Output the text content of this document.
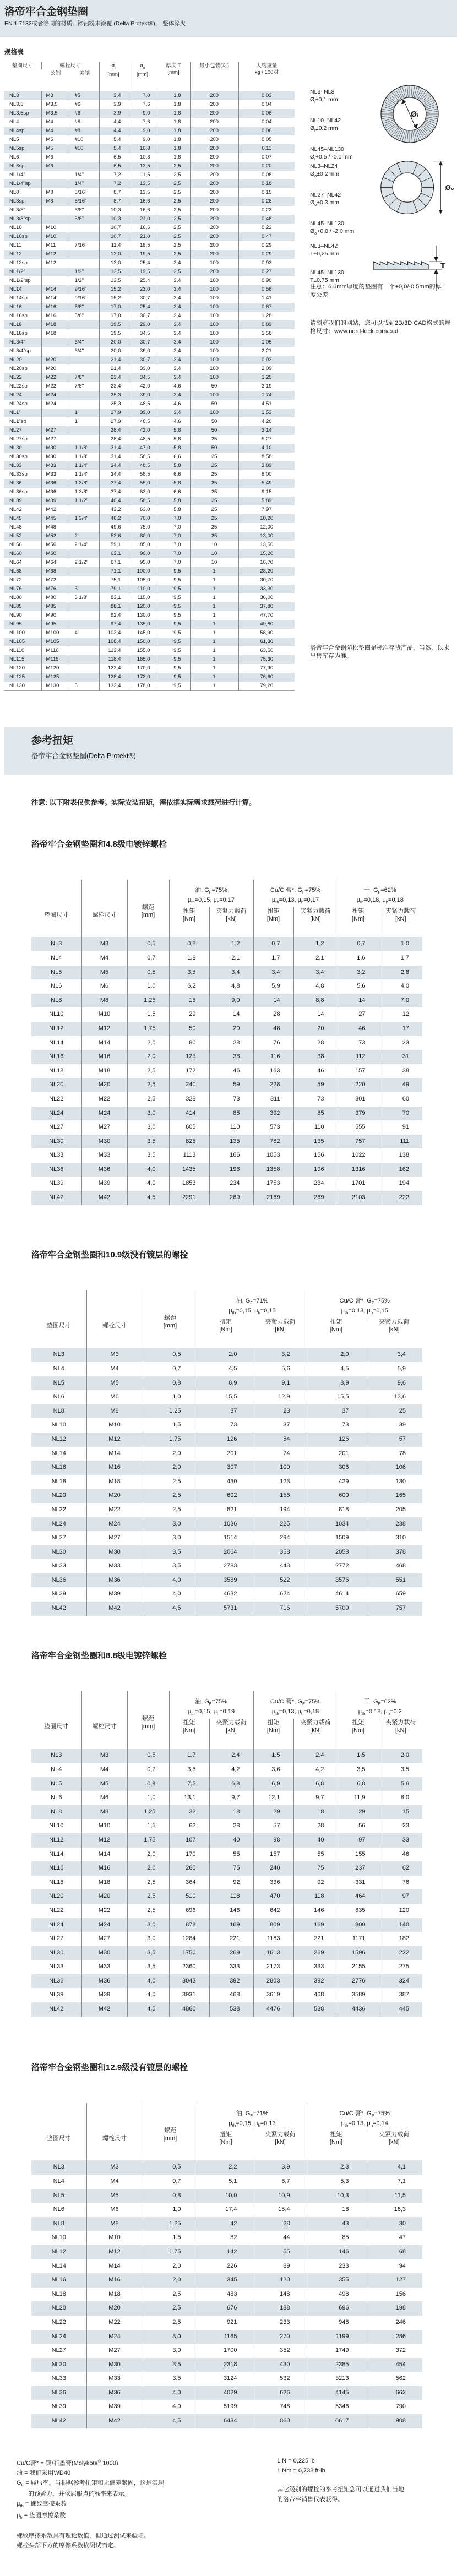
洛帝牢合金钢垫圈

EN 1.7182或者等同的材质 · 锌铝粉末涂覆 (Delta Protekt®)， 整体淬火

规格表
垫圈尺寸	螺栓尺寸		$ø_i$
[mm]	$ø_o$
[mm]	厚度 T
[mm]	最小包装(对)	大约重量
kg / 100对
	公制	美制					
NL3	M3	#5	3,4	7,0	1,8	200	0,03
NL3,5	M3,5	#6	3,9	7,6	1,8	200	0,04
NL3,5sp	M3,5	#6	3,9	9,0	1,8	200	0,06
NL4	M4	#8	4,4	7,6	1,8	200	0,04
NL4sp	M4	#8	4,4	9,0	1,8	200	0,06
NL5	M5	#10	5,4	9,0	1,8	200	0,05
NL5sp	M5	#10	5,4	10,8	1,8	200	0,11
NL6	M6		6,5	10,8	1,8	200	0,07
NL6sp	M6		6,5	13,5	2,5	200	0,20
NL1/4"		1/4"	7,2	11,5	2,5	200	0,08
NL1/4"sp		1/4"	7,2	13,5	2,5	200	0,18
NL8	M8	5/16"	8,7	13,5	2,5	200	0,15
NL8sp	M8	5/16"	8,7	16,6	2,5	200	0,28
NL3/8"		3/8"	10,3	16,6	2,5	200	0,23
NL3/8"sp		3/8"	10,3	21,0	2,5	200	0,48
NL10	M10		10,7	16,6	2,5	200	0,22
NL10sp	M10		10,7	21,0	2,5	200	0,47
NL11	M11	7/16"	11,4	18,5	2,5	200	0,29
NL12	M12		13,0	19,5	2,5	200	0,29
NL12sp	M12		13,0	25,4	3,4	100	0,93
NL1/2"		1/2"	13,5	19,5	2,5	200	0,27
NL1/2"sp		1/2"	13,5	25,4	3,4	100	0,90
NL14	M14	9/16"	15,2	23,0	3,4	100	0,56
NL14sp	M14	9/16"	15,2	30,7	3,4	100	1,41
NL16	M16	5/8"	17,0	25,4	3,4	100	0,67
NL16sp	M16	5/8"	17,0	30,7	3,4	100	1,28
NL18	M18		19,5	29,0	3,4	100	0,89
NL18sp	M18		19,5	34,5	3,4	100	1,58
NL3/4"		3/4"	20,0	30,7	3,4	100	1,05
NL3/4"sp		3/4"	20,0	39,0	3,4	100	2,21
NL20	M20		21,4	30,7	3,4	100	0,93
NL20sp	M20		21,4	39,0	3,4	100	2,09
NL22	M22	7/8"	23,4	34,5	3,4	100	1,25
NL22sp	M22	7/8"	23,4	42,0	4,6	50	3,19
NL24	M24		25,3	39,0	3,4	100	1,74
NL24sp	M24		25,3	48,5	4,6	50	4,51
NL1"		1"	27,9	39,0	3,4	100	1,53
NL1"sp		1"	27,9	48,5	4,6	50	4,20
NL27	M27		28,4	42,0	5,8	50	3,14
NL27sp	M27		28,4	48,5	5,8	25	5,27
NL30	M30	1 1/8"	31,4	47,0	5,8	50	4,10
NL30sp	M30	1 1/8"	31,4	58,5	6,6	25	8,58
NL33	M33	1 1/4"	34,4	48,5	5,8	25	3,89
NL33sp	M33	1 1/4"	34,4	58,5	6,6	25	8,00
NL36	M36	1 3/8"	37,4	55,0	5,8	25	5,49
NL36sp	M36	1 3/8"	37,4	63,0	6,6	25	9,15
NL39	M39	1 1/2"	40,4	58,5	5,8	25	5,89
NL42	M42		43,2	63,0	5,8	25	7,97
NL45	M45	1 3/4"	46,2	70,0	7,0	25	10,20
NL48	M48		49,6	75,0	7,0	25	12,00
NL52	M52	2"	53,6	80,0	7,0	25	13,00
NL56	M56	2 1/4"	59,1	85,0	7,0	10	13,50
NL60	M60		63,1	90,0	7,0	10	15,20
NL64	M64	2 1/2"	67,1	95,0	7,0	10	16,70
NL68	M68		71,1	100,0	9,5	1	28,20
NL72	M72		75,1	105,0	9,5	1	30,70
NL76	M76	3"	79,1	110,0	9,5	1	33,30
NL80	M80	3 1/8"	83,1	115,0	9,5	1	36,00
NL85	M85		88,1	120,0	9,5	1	37,80
NL90	M90		92,4	130,0	9,5	1	47,70
NL95	M95		97,4	135,0	9,5	1	49,80
NL100	M100	4"	103,4	145,0	9,5	1	58,90
NL105	M105		108,4	150,0	9,5	1	61,30
NL110	M110		113,4	155,0	9,5	1	63,50
NL115	M115		118,4	165,0	9,5	1	75,30
NL120	M120		123,4	170,0	9,5	1	77,90
NL125	M125		128,4	173,0	9,5	1	76,60
NL130	M130	5"	133,4	178,0	9,5	1	79,20
NL3–NL8
$Ø_i\pm 0,1$ mm
NL10–NL42
$Ø_i\pm 0,2$ mm
NL45–NL130
$Ø_i+0,5 / -0,0$ mm
Øᵢ
NL3–NL24
$Ø_o\pm 0,2$ mm
NL27–NL42
$Ø_o\pm 0,3$ mm
NL45–NL130
$Ø_o+0,0 / -2,0$ mm
Øₒ
NL3–NL42
T±0,25 mm
NL45–NL130
T±0,75 mm
T
注意：6.6mm厚度的垫圈有一个+0,0/-0.5mm的厚度公差
请浏览我们的网站，您可以找到2D/3D CAD格式的规格尺寸：www.nord-lock.com/cad
洛帝牢合金钢防松垫圈是标准存货产品，当然，以未出售库存为准。
参考扭矩

洛帝牢合金钢垫圈(Delta Protekt®)

注意: 以下附表仅供参考。实际安装扭矩，需依据实际需求载荷进行计算。
洛帝牢合金钢垫圈和4.8级电镀锌螺栓
垫圈尺寸	螺栓尺寸	螺距
[mm]	油, $G_F=75\%$
$\mu_{th}=0,15$, $\mu_h=0,17$		Cu/C 膏*, $G_F=75\%$
$\mu_{th}=0,13$, $\mu_h=0,17$		干, $G_F=62\%$
$\mu_{th}=0,18$, $\mu_h=0,18$	
			扭矩
[Nm]	夹紧力载荷
[kN]	扭矩
[Nm]	夹紧力载荷
[kN]	扭矩
[Nm]	夹紧力载荷
[kN]
NL3	M3	0,5	0,8	1,2	0,7	1,2	0,7	1,0
NL4	M4	0,7	1,8	2,1	1,7	2,1	1,6	1,7
NL5	M5	0,8	3,5	3,4	3,4	3,4	3,2	2,8
NL6	M6	1,0	6,2	4,8	5,9	4,8	5,6	4,0
NL8	M8	1,25	15	9,0	14	8,8	14	7,0
NL10	M10	1,5	29	14	28	14	27	12
NL12	M12	1,75	50	20	48	20	46	17
NL14	M14	2,0	80	28	76	28	73	23
NL16	M16	2,0	123	38	116	38	112	31
NL18	M18	2,5	172	46	163	46	157	38
NL20	M20	2,5	240	59	228	59	220	49
NL22	M22	2,5	328	73	311	73	301	60
NL24	M24	3,0	414	85	392	85	379	70
NL27	M27	3,0	605	110	573	110	555	91
NL30	M30	3,5	825	135	782	135	757	111
NL33	M33	3,5	1113	166	1053	166	1022	138
NL36	M36	4,0	1435	196	1358	196	1316	162
NL39	M39	4,0	1853	234	1753	234	1701	194
NL42	M42	4,5	2291	269	2169	269	2103	222
洛帝牢合金钢垫圈和10.9级没有镀层的螺栓
垫圈尺寸	螺栓尺寸	螺距
[mm]	油, $G_F=71\%$
$\mu_{th}=0,15$, $\mu_h=0,15$		Cu/C 膏*, $G_F=75\%$
$\mu_{th}=0,13$, $\mu_h=0,15$	
			扭矩
[Nm]	夹紧力载荷
[kN]	扭矩
[Nm]	夹紧力载荷
[kN]
NL3	M3	0,5	2,0	3,2	2,0	3,4
NL4	M4	0,7	4,5	5,6	4,5	5,9
NL5	M5	0,8	8,9	9,1	8,9	9,6
NL6	M6	1,0	15,5	12,9	15,5	13,6
NL8	M8	1,25	37	23	37	25
NL10	M10	1,5	73	37	73	39
NL12	M12	1,75	126	54	126	57
NL14	M14	2,0	201	74	201	78
NL16	M16	2,0	307	100	306	106
NL18	M18	2,5	430	123	429	130
NL20	M20	2,5	602	156	600	165
NL22	M22	2,5	821	194	818	205
NL24	M24	3,0	1036	225	1034	238
NL27	M27	3,0	1514	294	1509	310
NL30	M30	3,5	2064	358	2058	378
NL33	M33	3,5	2783	443	2772	468
NL36	M36	4,0	3589	522	3576	551
NL39	M39	4,0	4632	624	4614	659
NL42	M42	4,5	5731	716	5709	757
洛帝牢合金钢垫圈和8.8级电镀锌螺栓
垫圈尺寸	螺栓尺寸	螺距
[mm]	油, $G_F=75\%$
$\mu_{th}=0,15$, $\mu_h=0,19$		Cu/C 膏*, $G_F=75\%$
$\mu_{th}=0,13$, $\mu_h=0,18$		干, $G_F=62\%$
$\mu_{th}=0,18$, $\mu_h=0,2$	
			扭矩
[Nm]	夹紧力载荷
[kN]	扭矩
[Nm]	夹紧力载荷
[kN]	扭矩
[Nm]	夹紧力载荷
[kN]
NL3	M3	0,5	1,7	2,4	1,5	2,4	1,5	2,0
NL4	M4	0,7	3,8	4,2	3,6	4,2	3,5	3,5
NL5	M5	0,8	7,5	6,8	6,9	6,8	6,8	5,6
NL6	M6	1,0	13,1	9,7	12,1	9,7	11,9	8,0
NL8	M8	1,25	32	18	29	18	29	15
NL10	M10	1,5	62	28	57	28	56	23
NL12	M12	1,75	107	40	98	40	97	33
NL14	M14	2,0	170	55	157	55	155	46
NL16	M16	2,0	260	75	240	75	237	62
NL18	M18	2,5	364	92	336	92	331	76
NL20	M20	2,5	510	118	470	118	464	97
NL22	M22	2,5	696	146	642	146	635	120
NL24	M24	3,0	878	169	809	169	800	140
NL27	M27	3,0	1284	221	1183	221	1171	182
NL30	M30	3,5	1750	269	1613	269	1596	222
NL33	M33	3,5	2360	333	2173	333	2155	275
NL36	M36	4,0	3043	392	2803	392	2776	324
NL39	M39	4,0	3931	468	3619	468	3589	387
NL42	M42	4,5	4860	538	4476	538	4436	445
洛帝牢合金钢垫圈和12.9级没有镀层的螺栓
垫圈尺寸	螺栓尺寸	螺距
[mm]	油, $G_F=71\%$
$\mu_{th}=0,15$, $\mu_h=0,13$		Cu/C 膏*, $G_F=75\%$
$\mu_{th}=0,13$, $\mu_h=0,14$	
			扭矩
[Nm]	夹紧力载荷
[kN]	扭矩
[Nm]	夹紧力载荷
[kN]
NL3	M3	0,5	2,2	3,9	2,3	4,1
NL4	M4	0,7	5,1	6,7	5,3	7,1
NL5	M5	0,8	10,0	10,9	10,3	11,5
NL6	M6	1,0	17,4	15,4	18	16,3
NL8	M8	1,25	42	28	43	30
NL10	M10	1,5	82	44	85	47
NL12	M12	1,75	142	65	146	68
NL14	M14	2,0	226	89	233	94
NL16	M16	2,0	345	120	355	127
NL18	M18	2,5	483	148	498	156
NL20	M20	2,5	676	188	696	198
NL22	M22	2,5	921	233	948	246
NL24	M24	3,0	1165	270	1199	286
NL27	M27	3,0	1700	352	1749	372
NL30	M30	3,5	2318	430	2385	454
NL33	M33	3,5	3124	532	3213	562
NL36	M36	4,0	4029	626	4145	662
NL39	M39	4,0	5199	748	5346	790
NL42	M42	4,5	6434	860	6617	908
Cu/C膏* = 铜/石墨膏(Molykote® 1000)
油 = 我们采用WD40
$G_F$ = 屈服率。当根据参考扭矩和无偏差紧固，这是实现
的预紧力，并依屈服点的%率来表示。
$\mu_{th}$ = 螺纹摩擦系数
$\mu_h$ = 垫圈摩擦系数
螺纹摩擦系数具有理论数值，但通过测试来验证。
螺栓头部下方的摩擦系数依测试而定。
1 N = 0,225 lb
1 Nm = 0,738 ft-lb
其它级别的螺栓的参考扭矩您可以通过我们当地
的洛帝牢销售代表获得。
